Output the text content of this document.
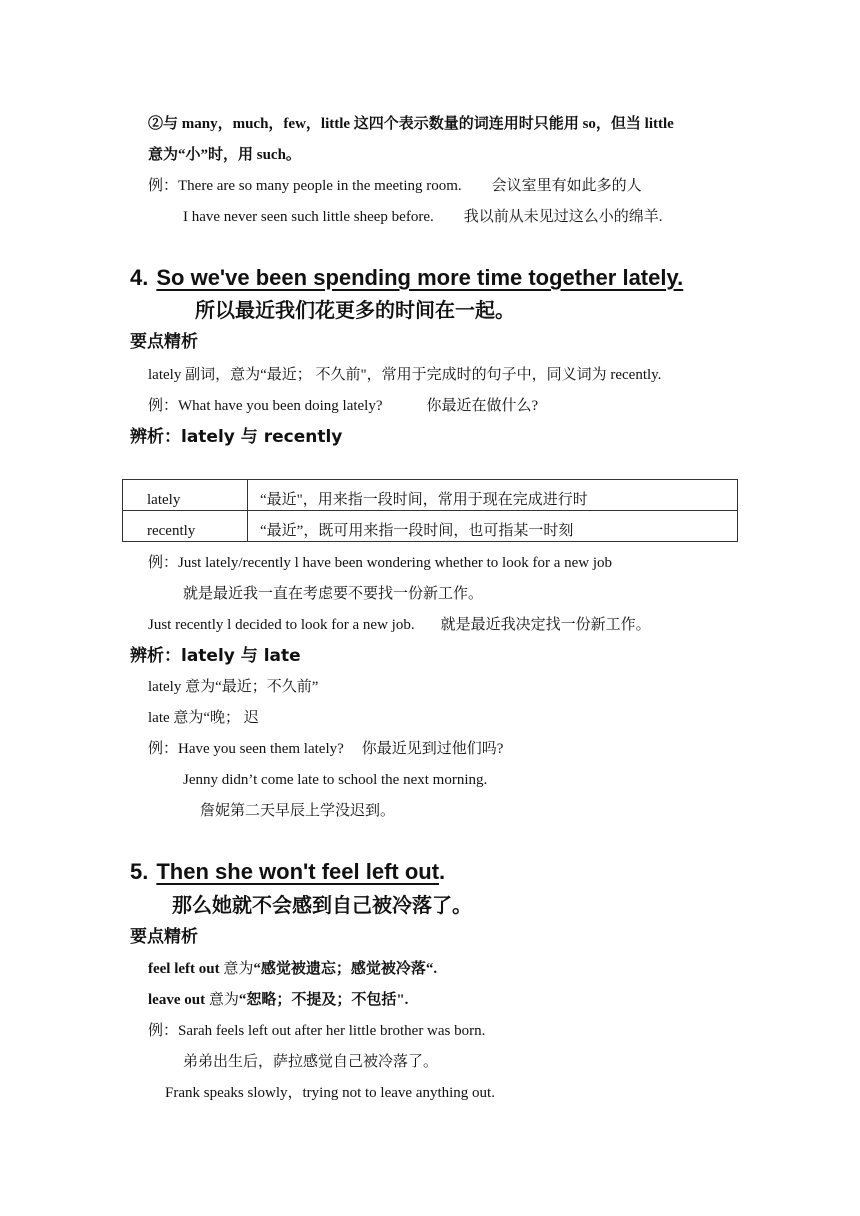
②与 many，much，few，little 这四个表示数量的词连用时只能用 so，但当 little
意为“小”时，用 such。
例：There are so many people in the meeting room. 会议室里有如此多的人
I have never seen such little sheep before. 我以前从未见过这么小的绵羊.
4. So we've been spending more time together lately.
所以最近我们花更多的时间在一起。
要点精析
lately 副词，意为“最近； 不久前"，常用于完成时的句子中，同义词为 recently.
例：What have you been doing lately?	你最近在做什么?
辨析：lately 与 recently
lately	“最近"，用来指一段时间，常用于现在完成进行时
recently	“最近”，既可用来指一段时间，也可指某一时刻
例：Just lately/recently l have been wondering whether to look for a new job
就是最近我一直在考虑要不要找一份新工作。
Just recently l decided to look for a new job. 就是最近我决定找一份新工作。
辨析：lately 与 late
lately 意为“最近；不久前”
late 意为“晚； 迟
例：Have you seen them lately? 你最近见到过他们吗?
Jenny didn’t come late to school the next morning.
詹妮第二天早辰上学没迟到。
5. Then she won't feel left out.
那么她就不会感到自己被冷落了。
要点精析
feel left out 意为“感觉被遗忘；感觉被冷落“.
leave out 意为“恕略；不提及；不包括".
例：Sarah feels left out after her little brother was born.
弟弟出生后，萨拉感觉自己被冷落了。
Frank speaks slowly，trying not to leave anything out.
